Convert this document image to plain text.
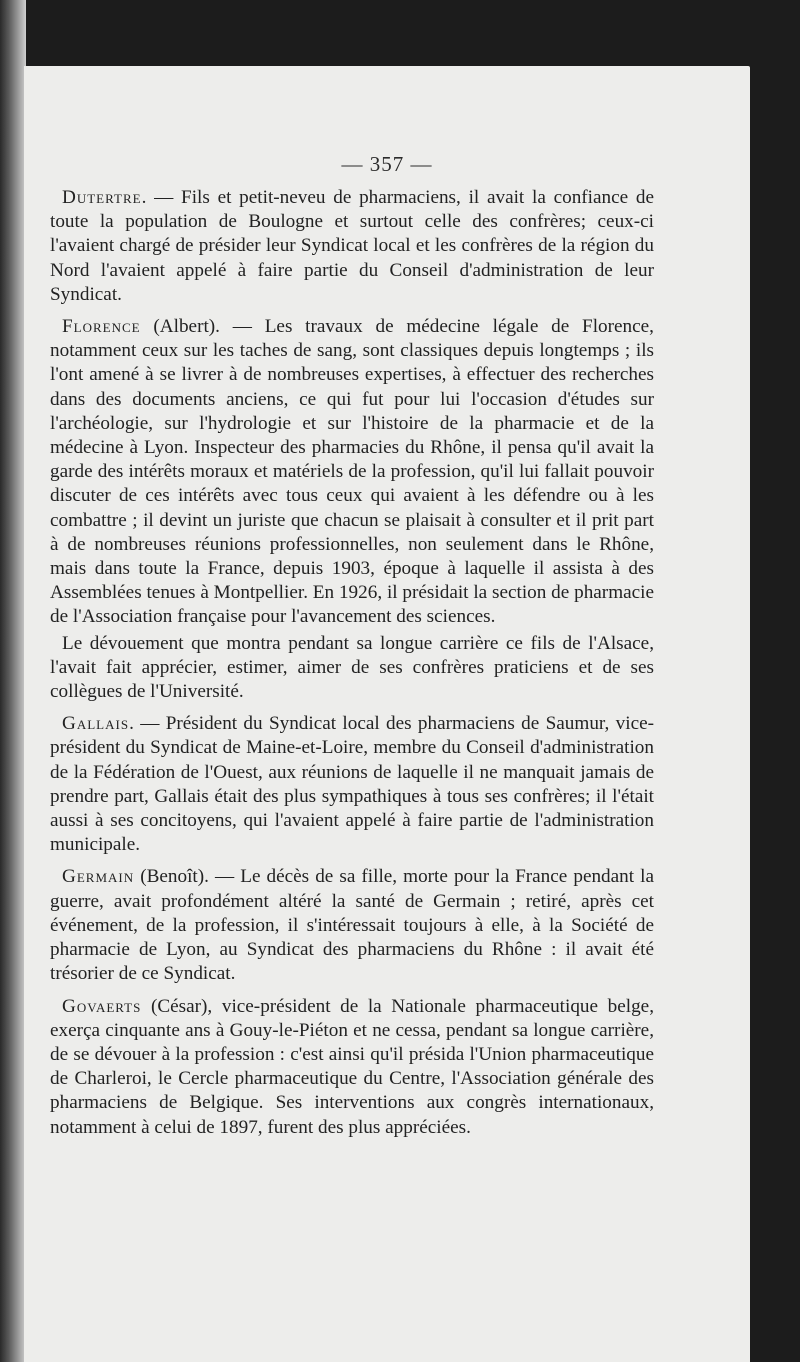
— 357 —

Dutertre. — Fils et petit-neveu de pharmaciens, il avait la confiance de toute la population de Boulogne et surtout celle des confrères; ceux-ci l'avaient chargé de présider leur Syndicat local et les confrères de la région du Nord l'avaient appelé à faire partie du Conseil d'administration de leur Syndicat.

Florence (Albert). — Les travaux de médecine légale de Florence, notamment ceux sur les taches de sang, sont classiques depuis longtemps ; ils l'ont amené à se livrer à de nombreuses expertises, à effectuer des recherches dans des documents anciens, ce qui fut pour lui l'occasion d'études sur l'archéologie, sur l'hydrologie et sur l'histoire de la pharmacie et de la médecine à Lyon. Inspecteur des pharmacies du Rhône, il pensa qu'il avait la garde des intérêts moraux et matériels de la profession, qu'il lui fallait pouvoir discuter de ces intérêts avec tous ceux qui avaient à les défendre ou à les combattre ; il devint un juriste que chacun se plaisait à consulter et il prit part à de nombreuses réunions professionnelles, non seulement dans le Rhône, mais dans toute la France, depuis 1903, époque à laquelle il assista à des Assemblées tenues à Montpellier. En 1926, il présidait la section de pharmacie de l'Association française pour l'avancement des sciences.

Le dévouement que montra pendant sa longue carrière ce fils de l'Alsace, l'avait fait apprécier, estimer, aimer de ses confrères praticiens et de ses collègues de l'Université.

Gallais. — Président du Syndicat local des pharmaciens de Saumur, vice-président du Syndicat de Maine-et-Loire, membre du Conseil d'administration de la Fédération de l'Ouest, aux réunions de laquelle il ne manquait jamais de prendre part, Gallais était des plus sympathiques à tous ses confrères; il l'était aussi à ses concitoyens, qui l'avaient appelé à faire partie de l'administration municipale.

Germain (Benoît). — Le décès de sa fille, morte pour la France pendant la guerre, avait profondément altéré la santé de Germain ; retiré, après cet événement, de la profession, il s'intéressait toujours à elle, à la Société de pharmacie de Lyon, au Syndicat des pharmaciens du Rhône : il avait été trésorier de ce Syndicat.

Govaerts (César), vice-président de la Nationale pharmaceutique belge, exerça cinquante ans à Gouy-le-Piéton et ne cessa, pendant sa longue carrière, de se dévouer à la profession : c'est ainsi qu'il présida l'Union pharmaceutique de Charleroi, le Cercle pharmaceutique du Centre, l'Association générale des pharmaciens de Belgique. Ses interventions aux congrès internationaux, notamment à celui de 1897, furent des plus appréciées.
